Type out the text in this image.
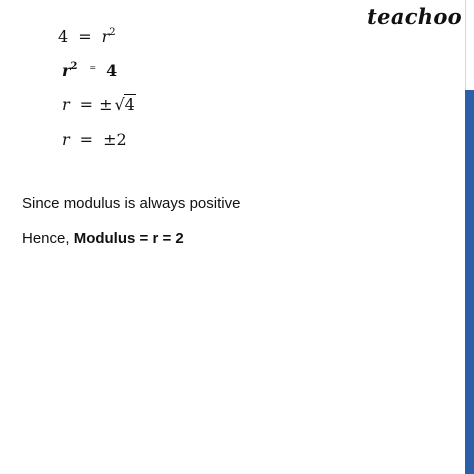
teachoo
$4 = r^2$
$r^2$ = 4
r = ± √4
r = ±2
Since modulus is always positive
Hence, Modulus = r = 2
